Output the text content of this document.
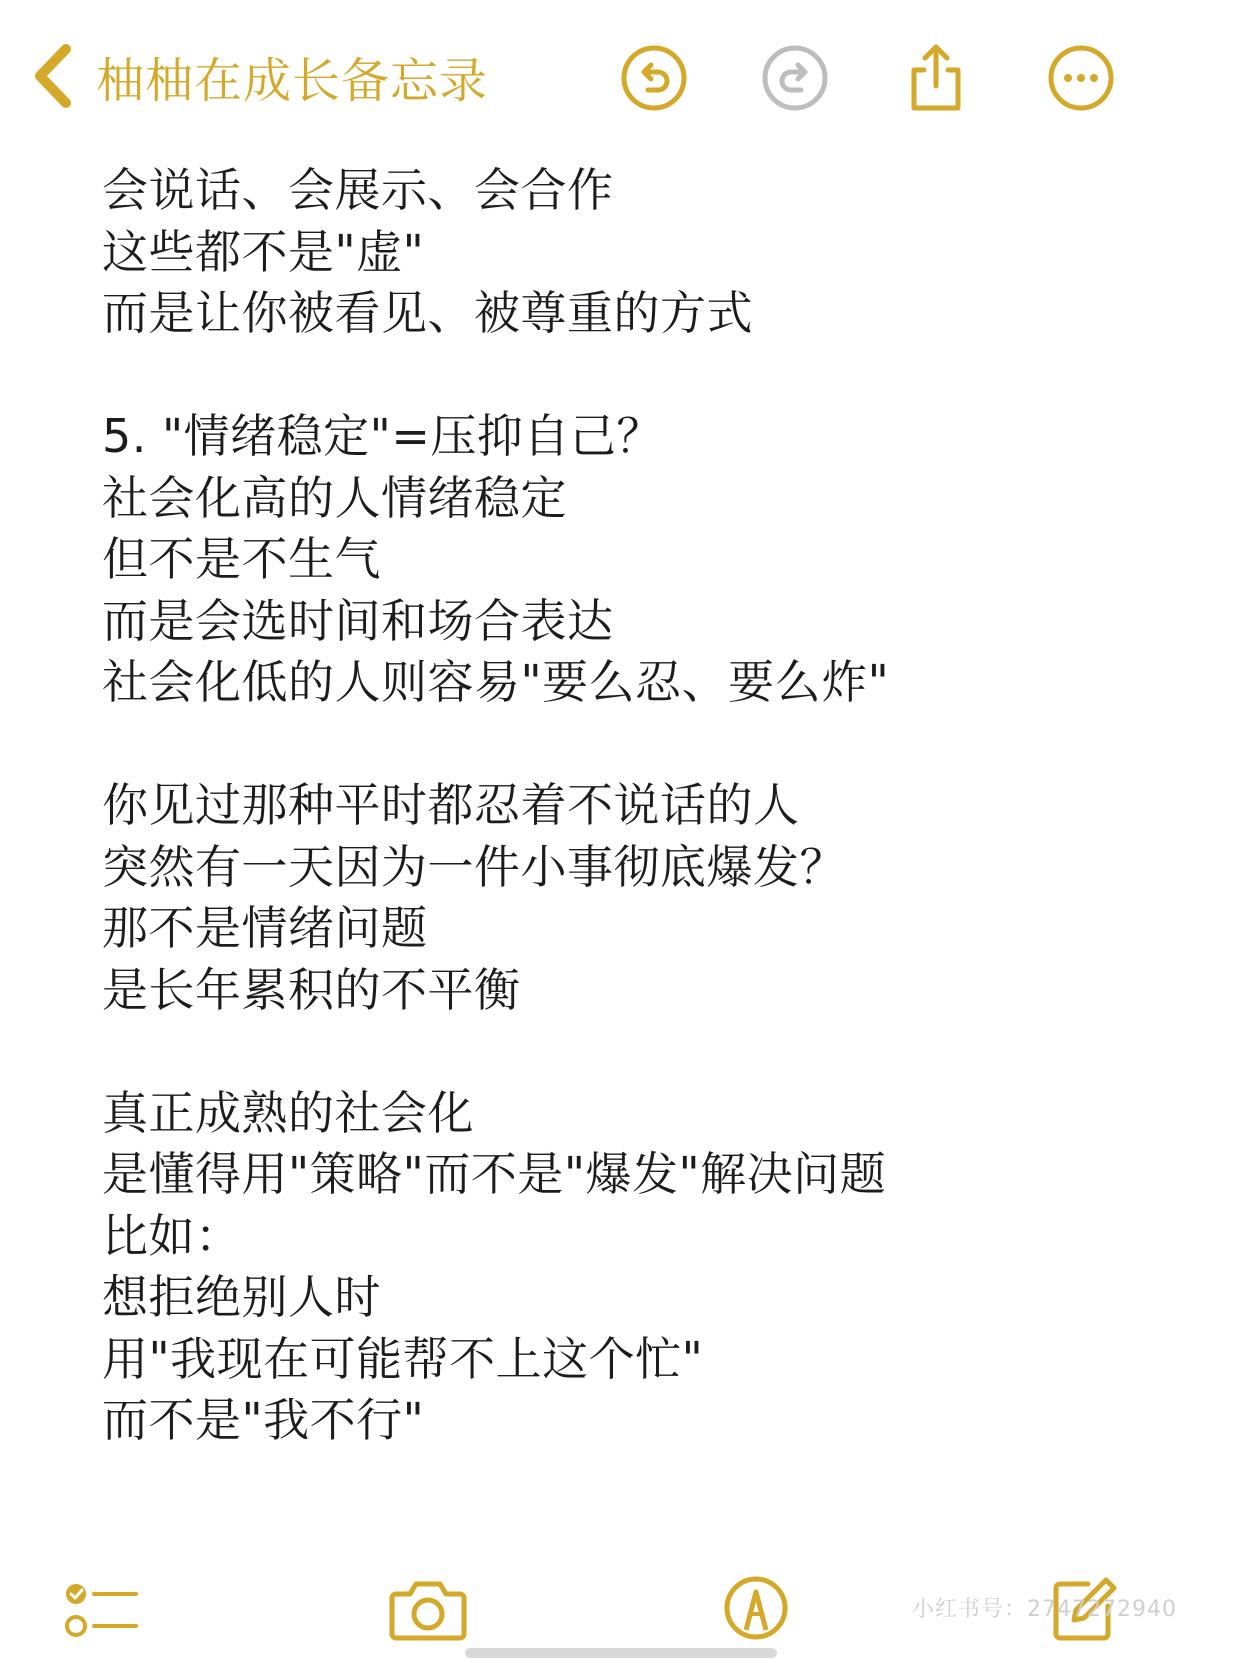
柚柚在成长备忘录
会说话、会展示、会合作
这些都不是"虚"
而是让你被看见、被尊重的方式
5. "情绪稳定"=压抑自己？
社会化高的人情绪稳定
但不是不生气
而是会选时间和场合表达
社会化低的人则容易"要么忍、要么炸"
你见过那种平时都忍着不说话的人
突然有一天因为一件小事彻底爆发？
那不是情绪问题
是长年累积的不平衡
真正成熟的社会化
是懂得用"策略"而不是"爆发"解决问题
比如：
想拒绝别人时
用"我现在可能帮不上这个忙"
而不是"我不行"
小红书号：2747272940
